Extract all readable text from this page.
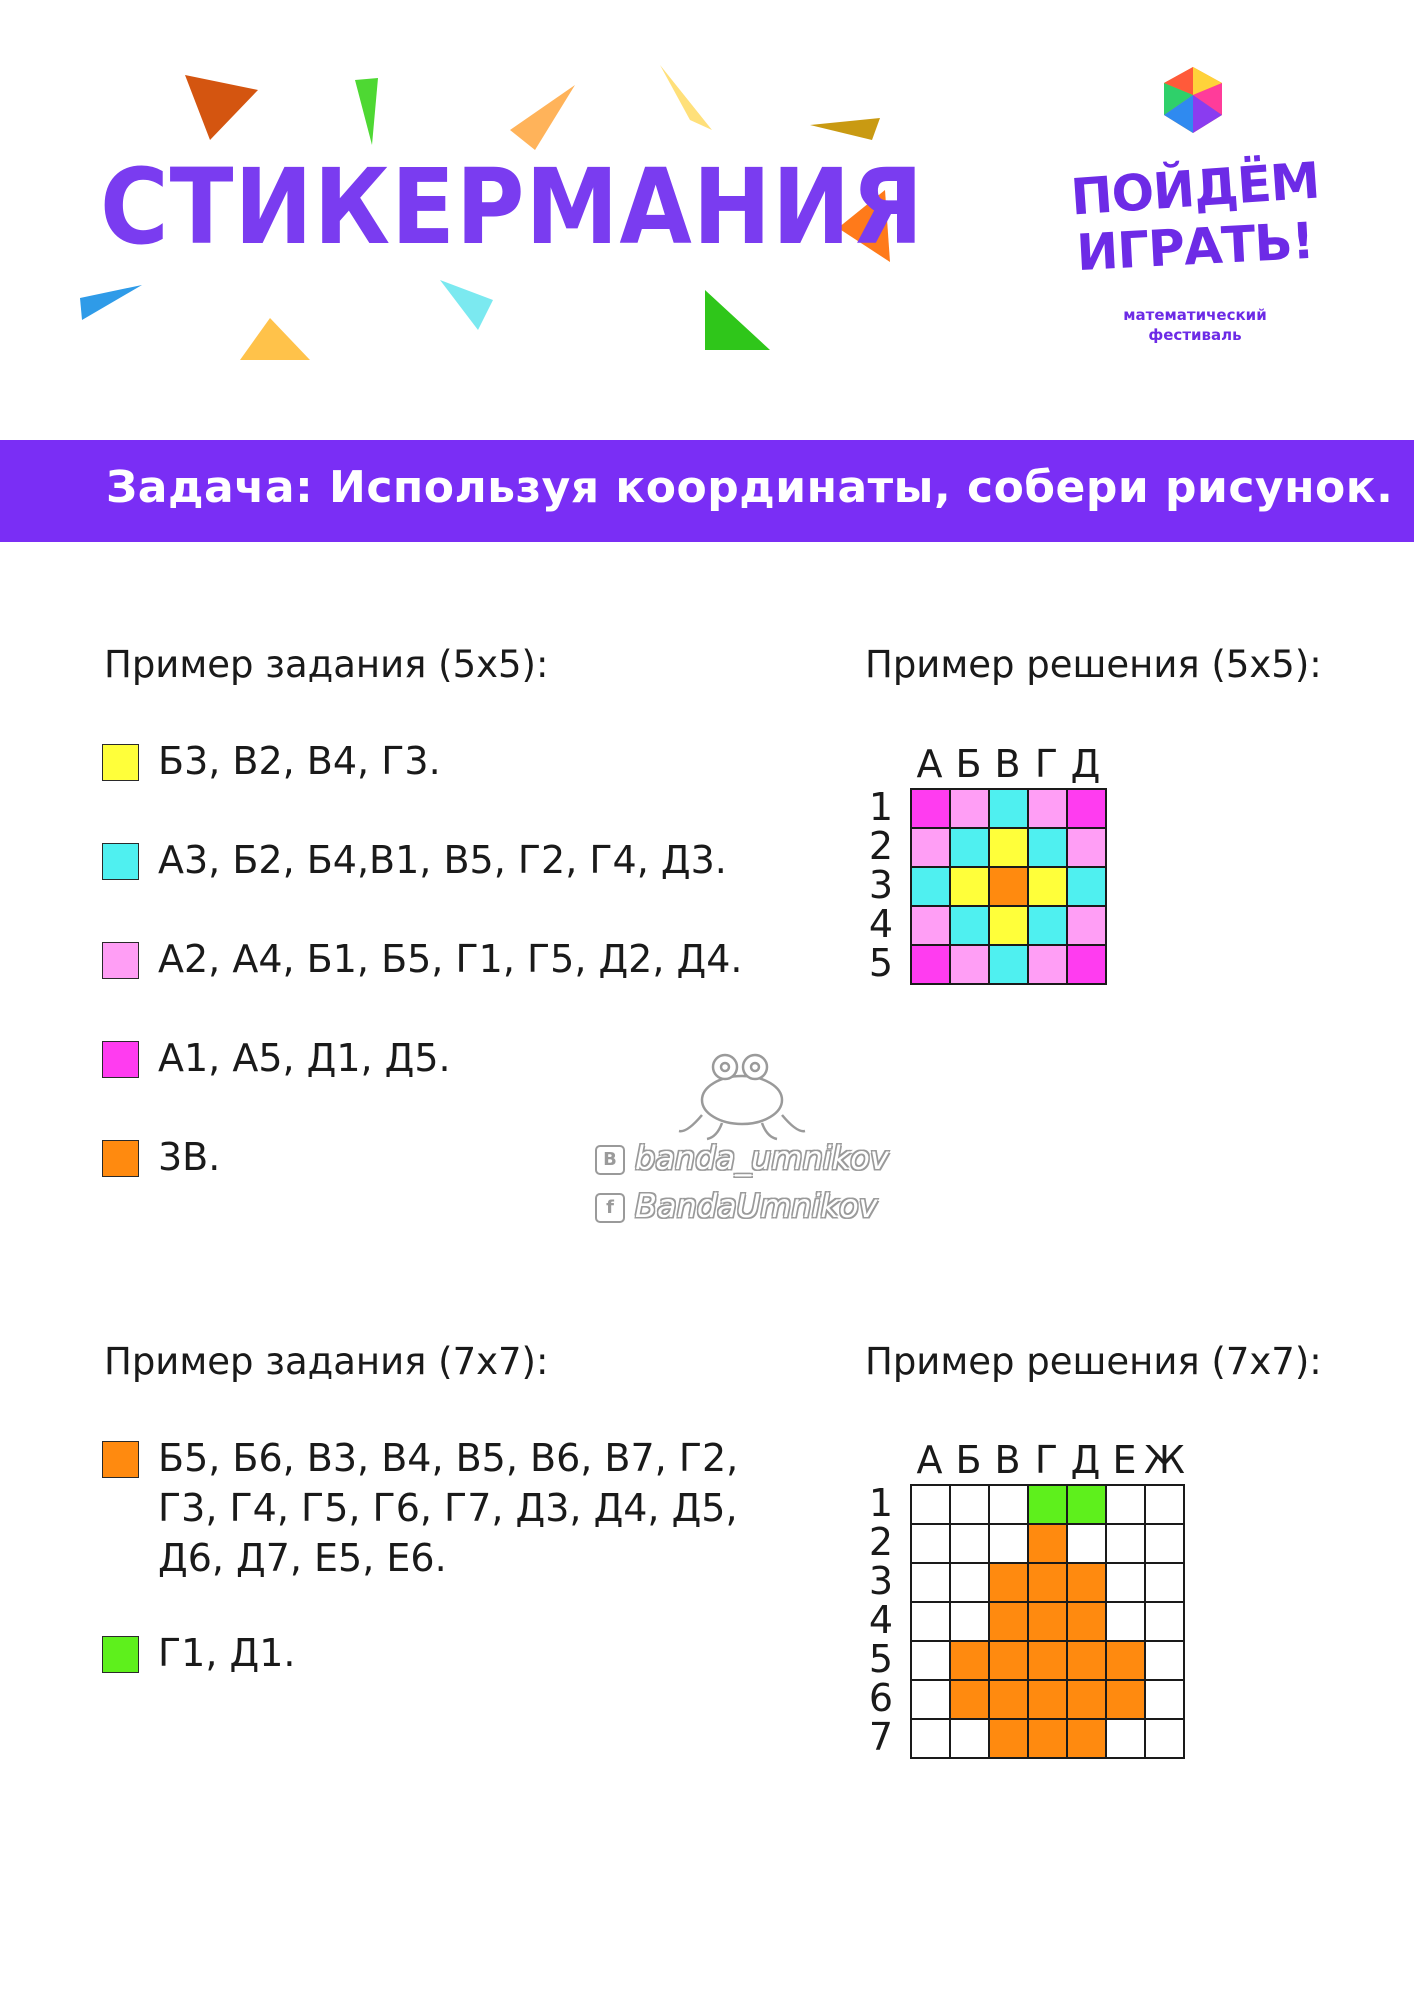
СТИКЕРМАНИЯ	ПОЙДЁМ

ИГРАТЬ!

математический

фестиваль

Задача: Используя координаты, собери рисунок.

Пример задания (5х5):	Пример решения (5х5):

Б3, В2, В4, Г3.

А3, Б2, Б4,В1, В5, Г2, Г4, Д3.

А2, А4, Б1, Б5, Г1, Г5, Д2, Д4.

А1, А5, Д1, Д5.

3В.

А Б В Г Д
1
2
3
4
5

Пример задания (7х7):	Пример решения (7х7):

Б5, Б6, В3, В4, В5, В6, В7, Г2, Г3, Г4, Г5, Г6, Г7, Д3, Д4, Д5, Д6, Д7, Е5, Е6.

Г1, Д1.

А Б В Г Д Е Ж
1
2
3
4
5
6
7
В banda_umnikov

f BandaUmnikov
